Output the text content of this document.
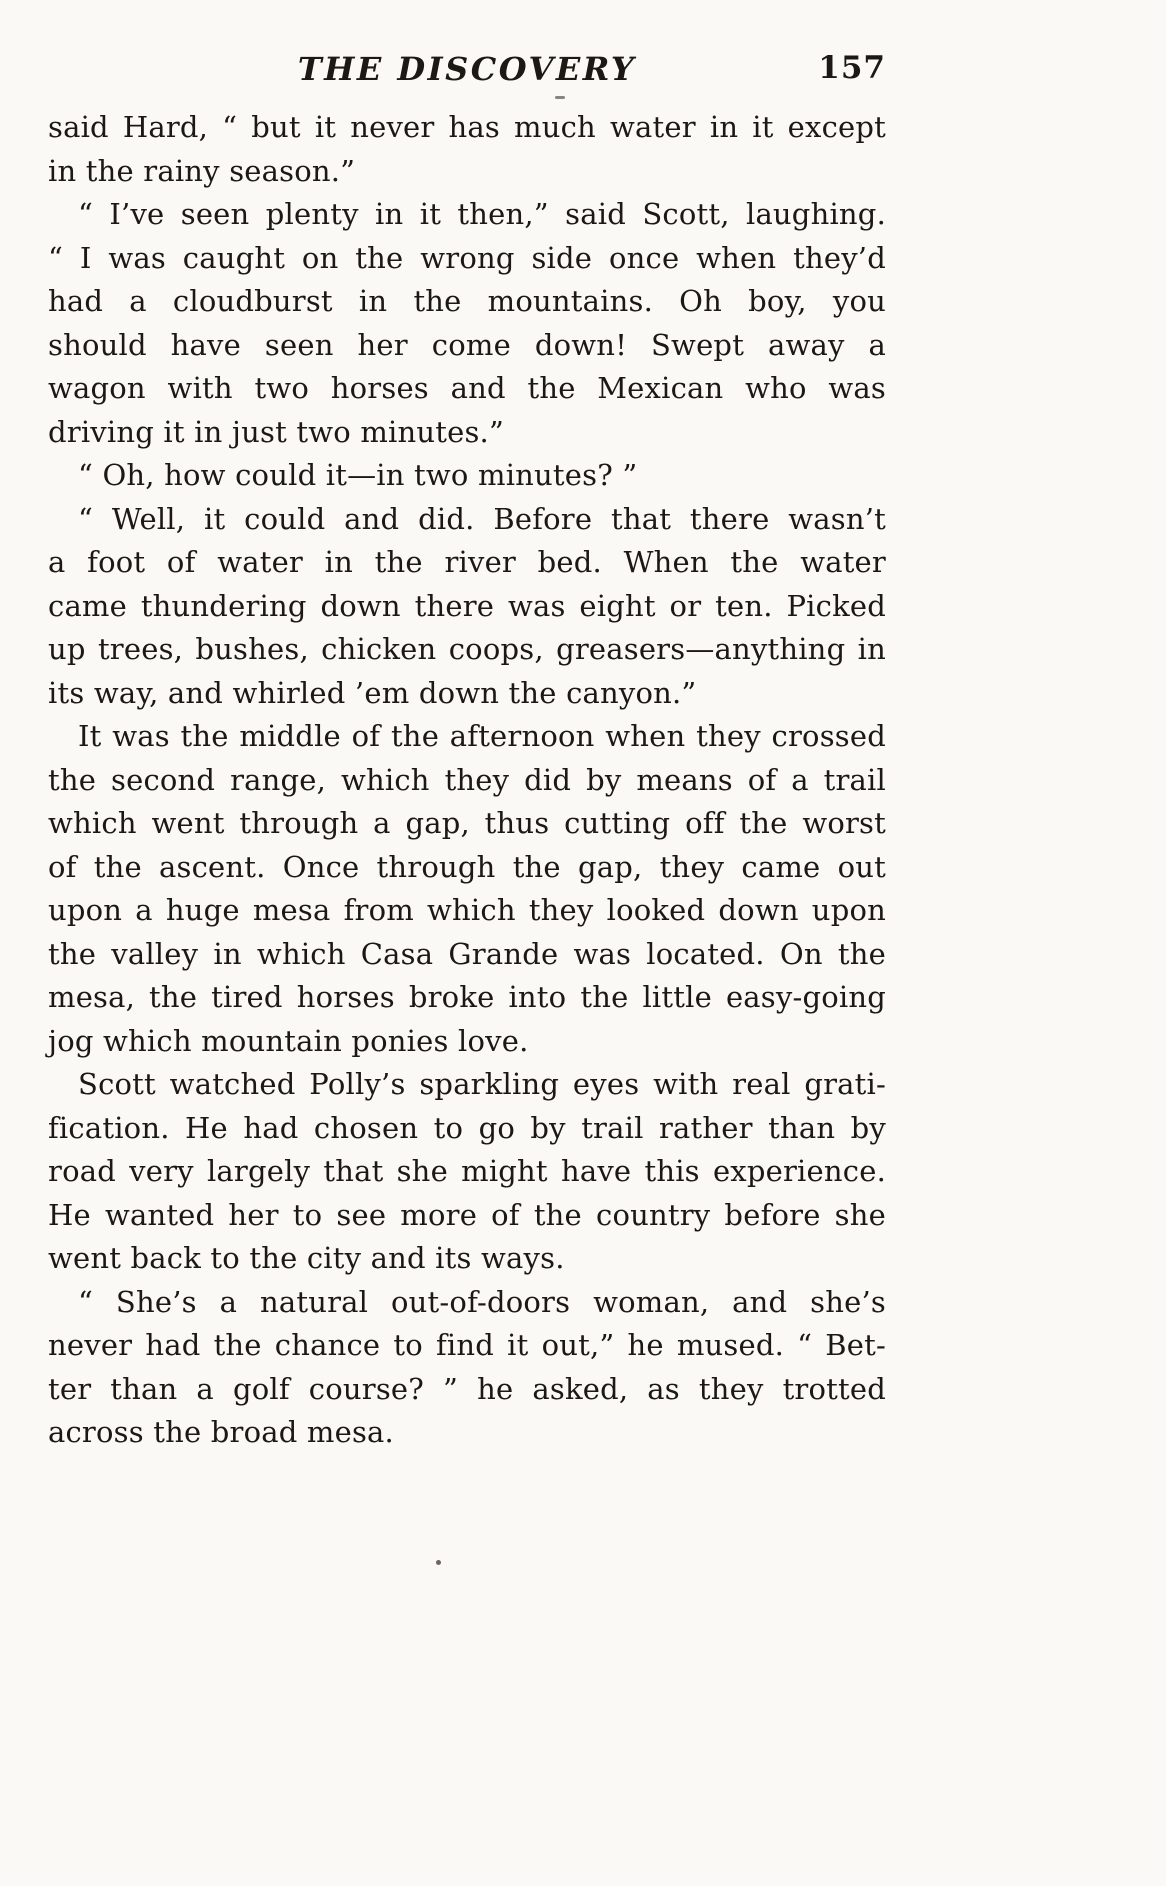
THE DISCOVERY	157
said Hard, “ but it never has much water in it except
in the rainy season.”
“ I’ve seen plenty in it then,” said Scott, laughing.
“ I was caught on the wrong side once when they’d
had a cloudburst in the mountains. Oh boy, you
should have seen her come down! Swept away a
wagon with two horses and the Mexican who was
driving it in just two minutes.”
“ Oh, how could it—in two minutes? ”
“ Well, it could and did. Before that there wasn’t
a foot of water in the river bed. When the water
came thundering down there was eight or ten. Picked
up trees, bushes, chicken coops, greasers—anything in
its way, and whirled ’em down the canyon.”
It was the middle of the afternoon when they crossed
the second range, which they did by means of a trail
which went through a gap, thus cutting off the worst
of the ascent. Once through the gap, they came out
upon a huge mesa from which they looked down upon
the valley in which Casa Grande was located. On the
mesa, the tired horses broke into the little easy-going
jog which mountain ponies love.
Scott watched Polly’s sparkling eyes with real grati-
fication. He had chosen to go by trail rather than by
road very largely that she might have this experience.
He wanted her to see more of the country before she
went back to the city and its ways.
“ She’s a natural out-of-doors woman, and she’s
never had the chance to find it out,” he mused. “ Bet-
ter than a golf course? ” he asked, as they trotted
across the broad mesa.
